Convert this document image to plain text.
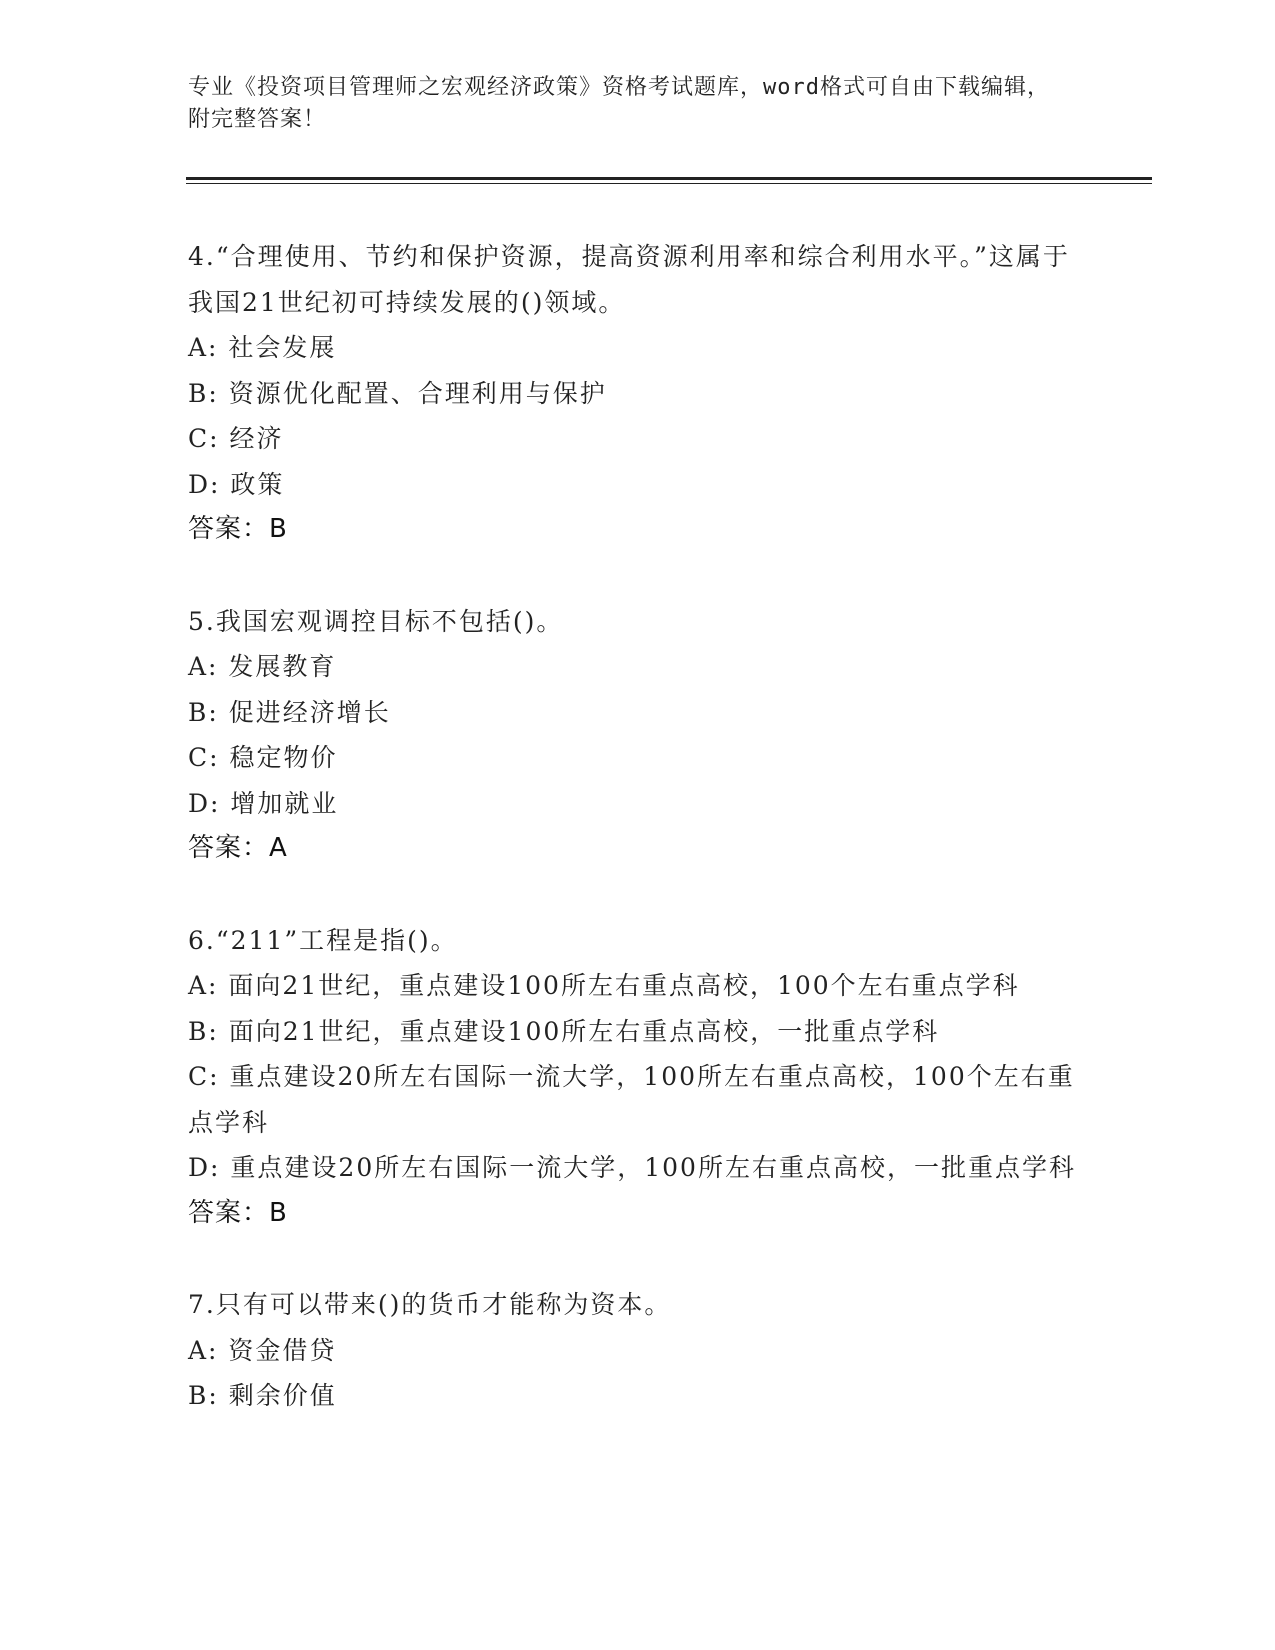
专业《投资项目管理师之宏观经济政策》资格考试题库，word格式可自由下载编辑，附完整答案！

4.“合理使用、节约和保护资源，提高资源利用率和综合利用水平。”这属于我国21世纪初可持续发展的()领域。

A: 社会发展

B: 资源优化配置、合理利用与保护

C: 经济

D: 政策

答案：B

5.我国宏观调控目标不包括()。

A: 发展教育

B: 促进经济增长

C: 稳定物价

D: 增加就业

答案：A

6.“211”工程是指()。

A: 面向21世纪，重点建设100所左右重点高校，100个左右重点学科

B: 面向21世纪，重点建设100所左右重点高校，一批重点学科

C: 重点建设20所左右国际一流大学，100所左右重点高校，100个左右重点学科

D: 重点建设20所左右国际一流大学，100所左右重点高校，一批重点学科

答案：B

7.只有可以带来()的货币才能称为资本。

A: 资金借贷

B: 剩余价值
